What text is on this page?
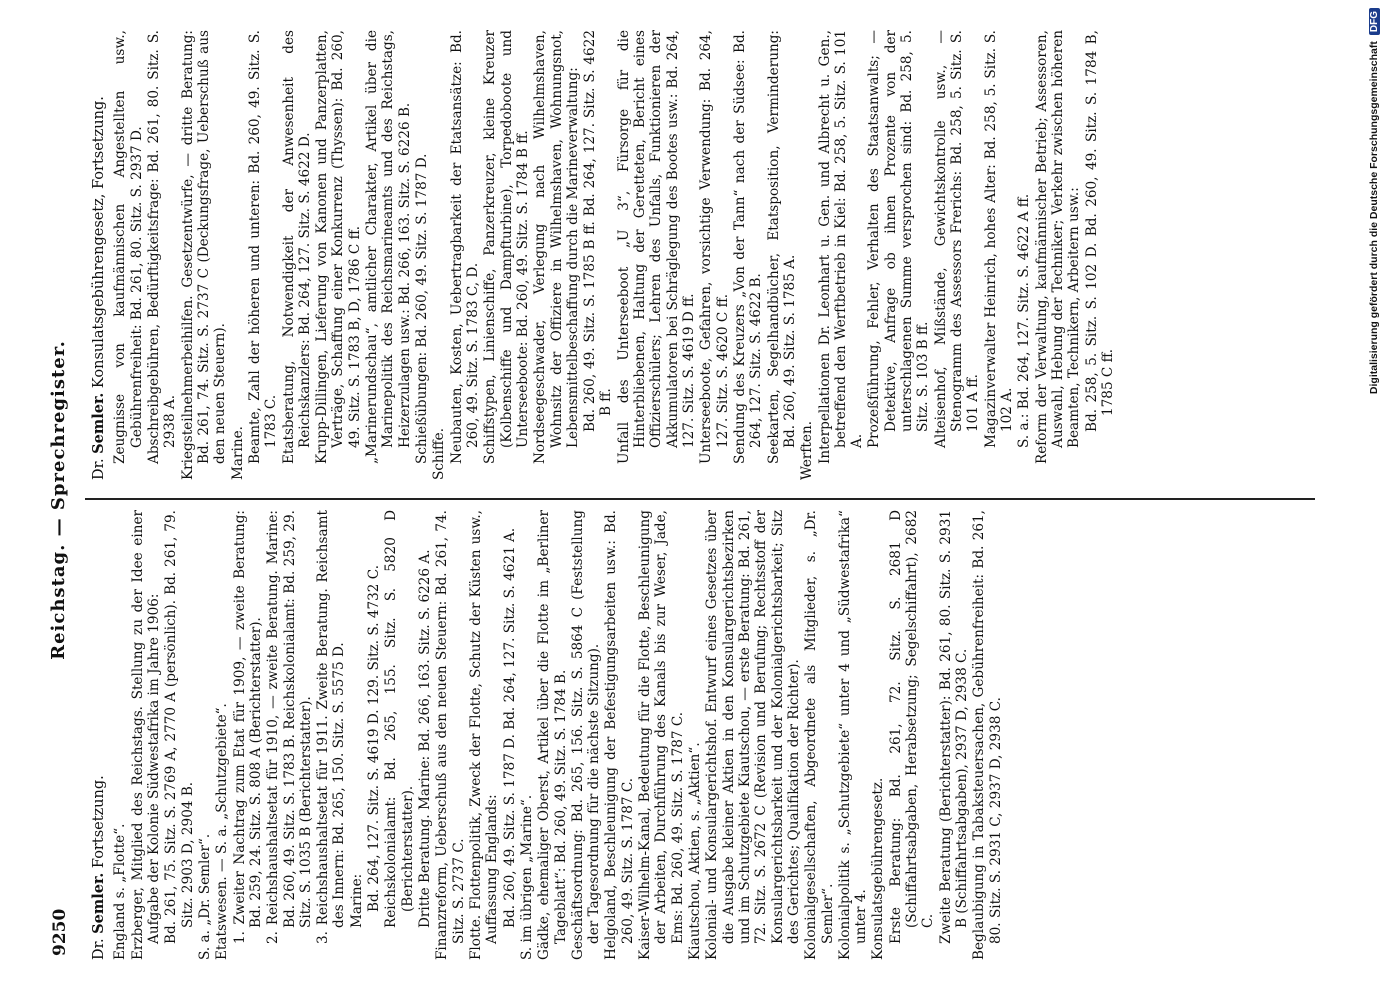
9250
Reichstag. — Sprechregister.
Dr. Semler. Fortsetzung.
England s. „Flotte“. Erzberger, Mitglied des Reichstags. Stellung zu der Idee einer Aufgabe der Kolonie Südwestafrika im Jahre 1906: Bd. 261, 75. Sitz. S. 2769 A, 2770 A (persönlich). Bd. 261, 79. Sitz. 2903 D, 2904 B. S. a. „Dr. Semler“. Etatswesen. — S. a. „Schutzgebiete“. 1. Zweiter Nachtrag zum Etat für 1909, — zweite Beratung: Bd. 259, 24. Sitz. S. 808 A (Berichterstatter). 2. Reichshaushaltsetat für 1910, — zweite Beratung. Marine: Bd. 260, 49. Sitz. S. 1783 B. Reichskolonialamt: Bd. 259, 29. Sitz. S. 1035 B (Berichterstatter). 3. Reichshaushaltsetat für 1911. Zweite Beratung. Reichsamt des Innern: Bd. 265, 150. Sitz. S. 5575 D. Marine: Bd. 264, 127. Sitz. S. 4619 D. 129. Sitz. S. 4732 C. Reichskolonialamt: Bd. 265, 155. Sitz. S. 5820 D (Berichterstatter). Dritte Beratung. Marine: Bd. 266, 163. Sitz. S. 6226 A. Finanzreform, Ueberschuß aus den neuen Steuern: Bd. 261, 74. Sitz. S. 2737 C. Flotte. Flottenpolitik, Zweck der Flotte, Schutz der Küsten usw., Auffassung Englands: Bd. 260, 49. Sitz. S. 1787 D. Bd. 264, 127. Sitz. S. 4621 A. S. im übrigen „Marine“. Gädke, ehemaliger Oberst, Artikel über die Flotte im „Berliner Tageblatt“: Bd. 260, 49. Sitz. S. 1784 B. Geschäftsordnung: Bd. 265, 156. Sitz. S. 5864 C (Feststellung der Tagesordnung für die nächste Sitzung). Helgoland, Beschleunigung der Befestigungsarbeiten usw.: Bd. 260, 49. Sitz. S. 1787 C. Kaiser-Wilhelm-Kanal, Bedeutung für die Flotte, Beschleunigung der Arbeiten, Durchführung des Kanals bis zur Weser, Jade, Ems: Bd. 260, 49. Sitz. S. 1787 C. Kiautschou, Aktien, s. „Aktien“. Kolonial- und Konsulargerichtshof. Entwurf eines Gesetzes über die Ausgabe kleiner Aktien in den Konsulargerichtsbezirken und im Schutzgebiete Kiautschou, — erste Beratung: Bd. 261, 72. Sitz. S. 2672 C (Revision und Berufung; Rechtsstoff der Konsulargerichtsbarkeit und der Kolonialgerichtsbarkeit; Sitz des Gerichtes; Qualifikation der Richter). Kolonialgesellschaften, Abgeordnete als Mitglieder, s. „Dr. Semler“. Kolonialpolitik s. „Schutzgebiete“ unter 4 und „Südwestafrika“ unter 4. Konsulatsgebührengesetz. Erste Beratung: Bd. 261, 72. Sitz. S. 2681 D (Schiffahrtsabgaben, Herabsetzung; Segelschiffahrt), 2682 C. Zweite Beratung (Berichterstatter): Bd. 261, 80. Sitz. S. 2931 B (Schiffahrtsabgaben), 2937 D, 2938 C. Beglaubigung in Tabaksteuersachen, Gebührenfreiheit: Bd. 261, 80. Sitz. S. 2931 C, 2937 D, 2938 C.
Dr. Semler. Konsulatsgebührengesetz, Fortsetzung. Zeugnisse von kaufmännischen Angestellten usw., Gebührenfreiheit: Bd. 261, 80. Sitz. S. 2937 D. Abschreibgebühren, Bedürftigkeitsfrage: Bd. 261, 80. Sitz. S. 2938 A. Kriegsteilnehmerbeihilfen. Gesetzentwürfe, — dritte Beratung: Bd. 261, 74. Sitz. S. 2737 C (Deckungsfrage, Ueberschuß aus den neuen Steuern). Marine. Beamte, Zahl der höheren und unteren: Bd. 260, 49. Sitz. S. 1783 C. Etatsberatung, Notwendigkeit der Anwesenheit des Reichskanzlers: Bd. 264, 127. Sitz. S. 4622 D. Krupp-Dillingen, Lieferung von Kanonen und Panzerplatten, Verträge, Schaffung einer Konkurrenz (Thyssen): Bd. 260, 49. Sitz. S. 1783 B, D, 1786 C ff. „Marinerundschau“, amtlicher Charakter, Artikel über die Marinepolitik des Reichsmarineamts und des Reichstags, Heizerzulagen usw.: Bd. 266, 163. Sitz. S. 6226 B. Schießübungen: Bd. 260, 49. Sitz. S. 1787 D. Schiffe. Neubauten, Kosten, Uebertragbarkeit der Etatsansätze: Bd. 260, 49. Sitz. S. 1783 C, D. Schiffstypen, Linienschiffe, Panzerkreuzer, kleine Kreuzer (Kolbenschiffe und Dampfturbine), Torpedoboote und Unterseeboote: Bd. 260, 49. Sitz. S. 1784 B ff. Nordseegeschwader, Verlegung nach Wilhelmshaven, Wohnsitz der Offiziere in Wilhelmshaven, Wohnungsnot, Lebensmittelbeschaffung durch die Marineverwaltung: Bd. 260, 49. Sitz. S. 1785 B ff. Bd. 264, 127. Sitz. S. 4622 B ff. Unfall des Unterseeboot „U 3“, Fürsorge für die Hinterbliebenen, Haltung der Geretteten, Bericht eines Offizierschülers; Lehren des Unfalls, Funktionieren der Akkumulatoren bei Schräglegung des Bootes usw.: Bd. 264, 127. Sitz. S. 4619 D ff. Unterseeboote, Gefahren, vorsichtige Verwendung: Bd. 264, 127. Sitz. S. 4620 C ff. Sendung des Kreuzers „Von der Tann“ nach der Südsee: Bd. 264, 127. Sitz. S. 4622 B. Seekarten, Segelhandbücher, Etatsposition, Verminderung: Bd. 260, 49. Sitz. S. 1785 A.
Werften. Interpellationen Dr. Leonhart u. Gen. und Albrecht u. Gen., betreffend den Werftbetrieb in Kiel: Bd. 258, 5. Sitz. S. 101 A. Prozeßführung, Fehler, Verhalten des Staatsanwalts; — Detektive, Anfrage ob ihnen Prozente von der unterschlagenen Summe versprochen sind: Bd. 258, 5. Sitz. S. 103 B ff. Alteisenhof, Mißstände, Gewichtskontrolle usw., — Stenogramm des Assessors Frerichs: Bd. 258, 5. Sitz. S. 101 A ff. Magazinverwalter Heinrich, hohes Alter: Bd. 258, 5. Sitz. S. 102 A. S. a.: Bd. 264, 127. Sitz. S. 4622 A ff. Reform der Verwaltung, kaufmännischer Betrieb; Assessoren, Auswahl, Hebung der Techniker; Verkehr zwischen höheren Beamten, Technikern, Arbeitern usw.: Bd. 258, 5. Sitz. S. 102 D. Bd. 260, 49. Sitz. S. 1784 B, 1785 C ff.	Digitalisierung gefördert durch die Deutsche Forschungsgemeinschaft
DFG
